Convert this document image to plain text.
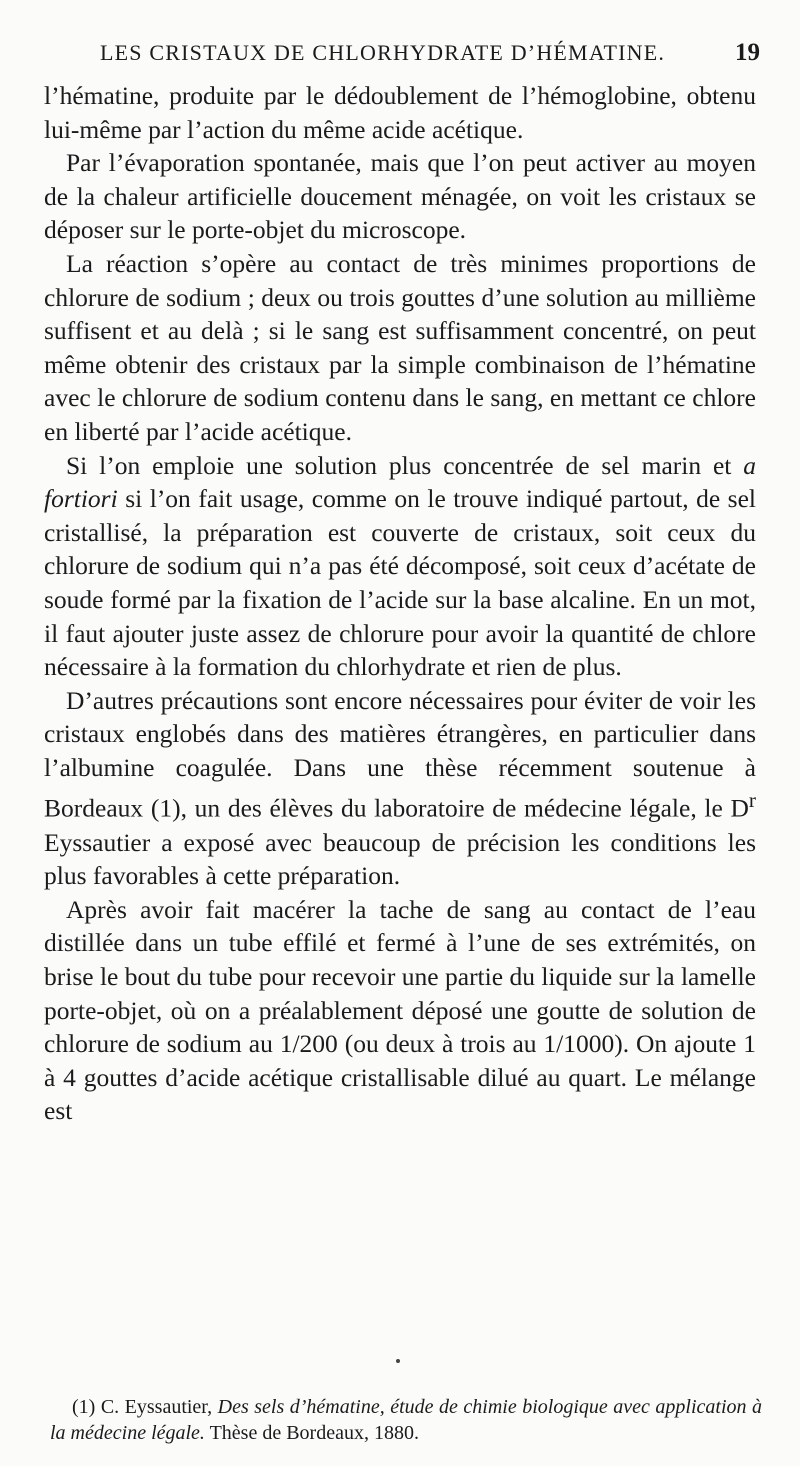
LES CRISTAUX DE CHLORHYDRATE D’HÉMATINE.	19

l’hématine, produite par le dédoublement de l’hémoglobine, obtenu lui-même par l’action du même acide acétique.

Par l’évaporation spontanée, mais que l’on peut activer au moyen de la chaleur artificielle doucement ménagée, on voit les cristaux se déposer sur le porte-objet du microscope.

La réaction s’opère au contact de très minimes proportions de chlorure de sodium ; deux ou trois gouttes d’une solution au millième suffisent et au delà ; si le sang est suffisamment concentré, on peut même obtenir des cristaux par la simple combinaison de l’hématine avec le chlorure de sodium contenu dans le sang, en mettant ce chlore en liberté par l’acide acétique.

Si l’on emploie une solution plus concentrée de sel marin et a fortiori si l’on fait usage, comme on le trouve indiqué partout, de sel cristallisé, la préparation est couverte de cristaux, soit ceux du chlorure de sodium qui n’a pas été décomposé, soit ceux d’acétate de soude formé par la fixation de l’acide sur la base alcaline. En un mot, il faut ajouter juste assez de chlorure pour avoir la quantité de chlore nécessaire à la formation du chlorhydrate et rien de plus.

D’autres précautions sont encore nécessaires pour éviter de voir les cristaux englobés dans des matières étrangères, en particulier dans l’albumine coagulée. Dans une thèse récemment soutenue à Bordeaux (1), un des élèves du laboratoire de médecine légale, le $D^r$ Eyssautier a exposé avec beaucoup de précision les conditions les plus favorables à cette préparation.

Après avoir fait macérer la tache de sang au contact de l’eau distillée dans un tube effilé et fermé à l’une de ses extrémités, on brise le bout du tube pour recevoir une partie du liquide sur la lamelle porte-objet, où on a préalablement déposé une goutte de solution de chlorure de sodium au 1/200 (ou deux à trois au 1/1000). On ajoute 1 à 4 gouttes d’acide acétique cristallisable dilué au quart. Le mélange est

(1) C. Eyssautier, Des sels d’hématine, étude de chimie biologique avec application à la médecine légale. Thèse de Bordeaux, 1880.
